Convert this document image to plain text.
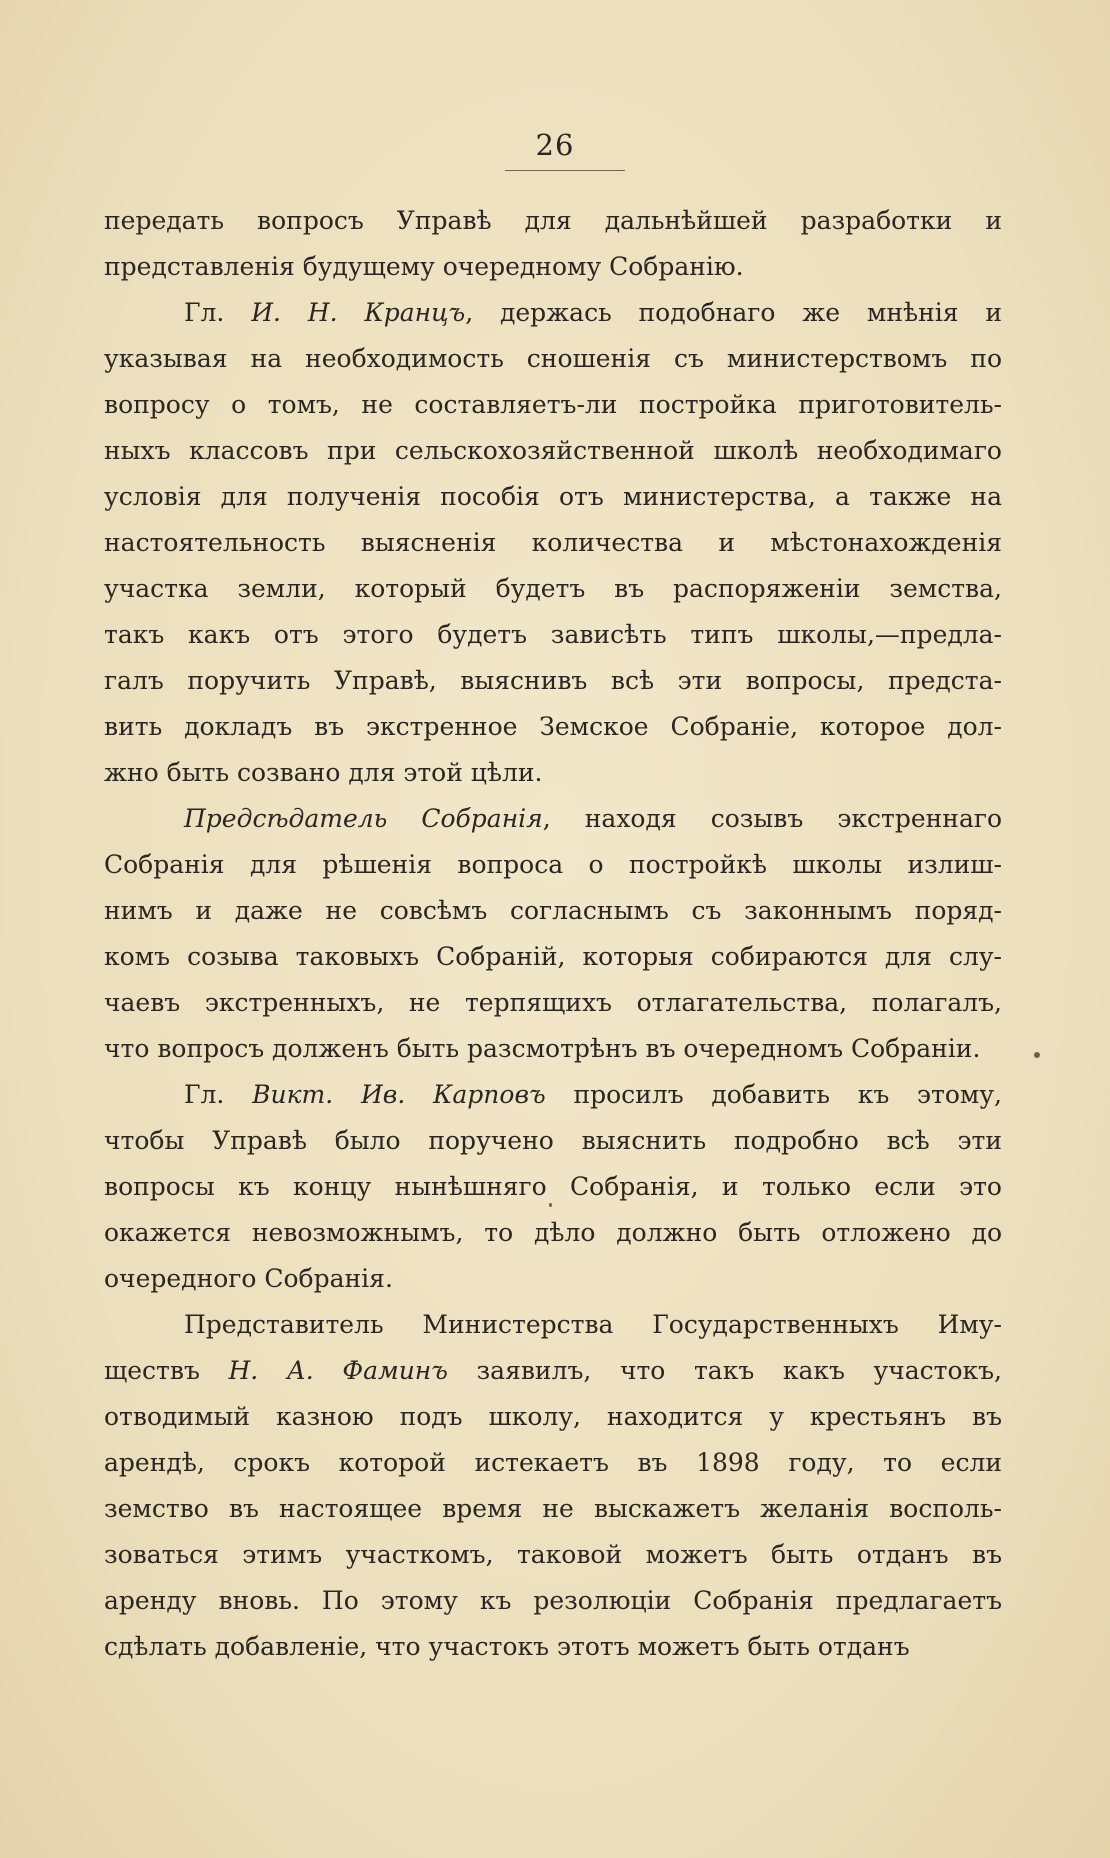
26
передать вопросъ Управѣ для дальнѣйшей разработки и
представленія будущему очередному Собранію.
Гл. И. Н. Кранцъ, держась подобнаго же мнѣнія и
указывая на необходимость сношенія съ министерствомъ по
вопросу о томъ, не составляетъ-ли постройка приготовитель-
ныхъ классовъ при сельскохозяйственной школѣ необходимаго
условія для полученія пособія отъ министерства, а также на
настоятельность выясненія количества и мѣстонахожденія
участка земли, который будетъ въ распоряженіи земства,
такъ какъ отъ этого будетъ зависѣть типъ школы,—предла-
галъ поручить Управѣ, выяснивъ всѣ эти вопросы, предста-
вить докладъ въ экстренное Земское Собраніе, которое дол-
жно быть созвано для этой цѣли.
Предсѣдатель Собранія, находя созывъ экстреннаго
Собранія для рѣшенія вопроса о постройкѣ школы излиш-
нимъ и даже не совсѣмъ согласнымъ съ законнымъ поряд-
комъ созыва таковыхъ Собраній, которыя собираются для слу-
чаевъ экстренныхъ, не терпящихъ отлагательства, полагалъ,
что вопросъ долженъ быть разсмотрѣнъ въ очередномъ Собраніи.
Гл. Викт. Ив. Карповъ просилъ добавить къ этому,
чтобы Управѣ было поручено выяснить подробно всѣ эти
вопросы къ концу нынѣшняго Собранія, и только если это
окажется невозможнымъ, то дѣло должно быть отложено до
очередного Собранія.
Представитель Министерства Государственныхъ Иму-
ществъ Н. А. Фаминъ заявилъ, что такъ какъ участокъ,
отводимый казною подъ школу, находится у крестьянъ въ
арендѣ, срокъ которой истекаетъ въ 1898 году, то если
земство въ настоящее время не выскажетъ желанія восполь-
зоваться этимъ участкомъ, таковой можетъ быть отданъ въ
аренду вновь. По этому къ резолюціи Собранія предлагаетъ
сдѣлать добавленіе, что участокъ этотъ можетъ быть отданъ
